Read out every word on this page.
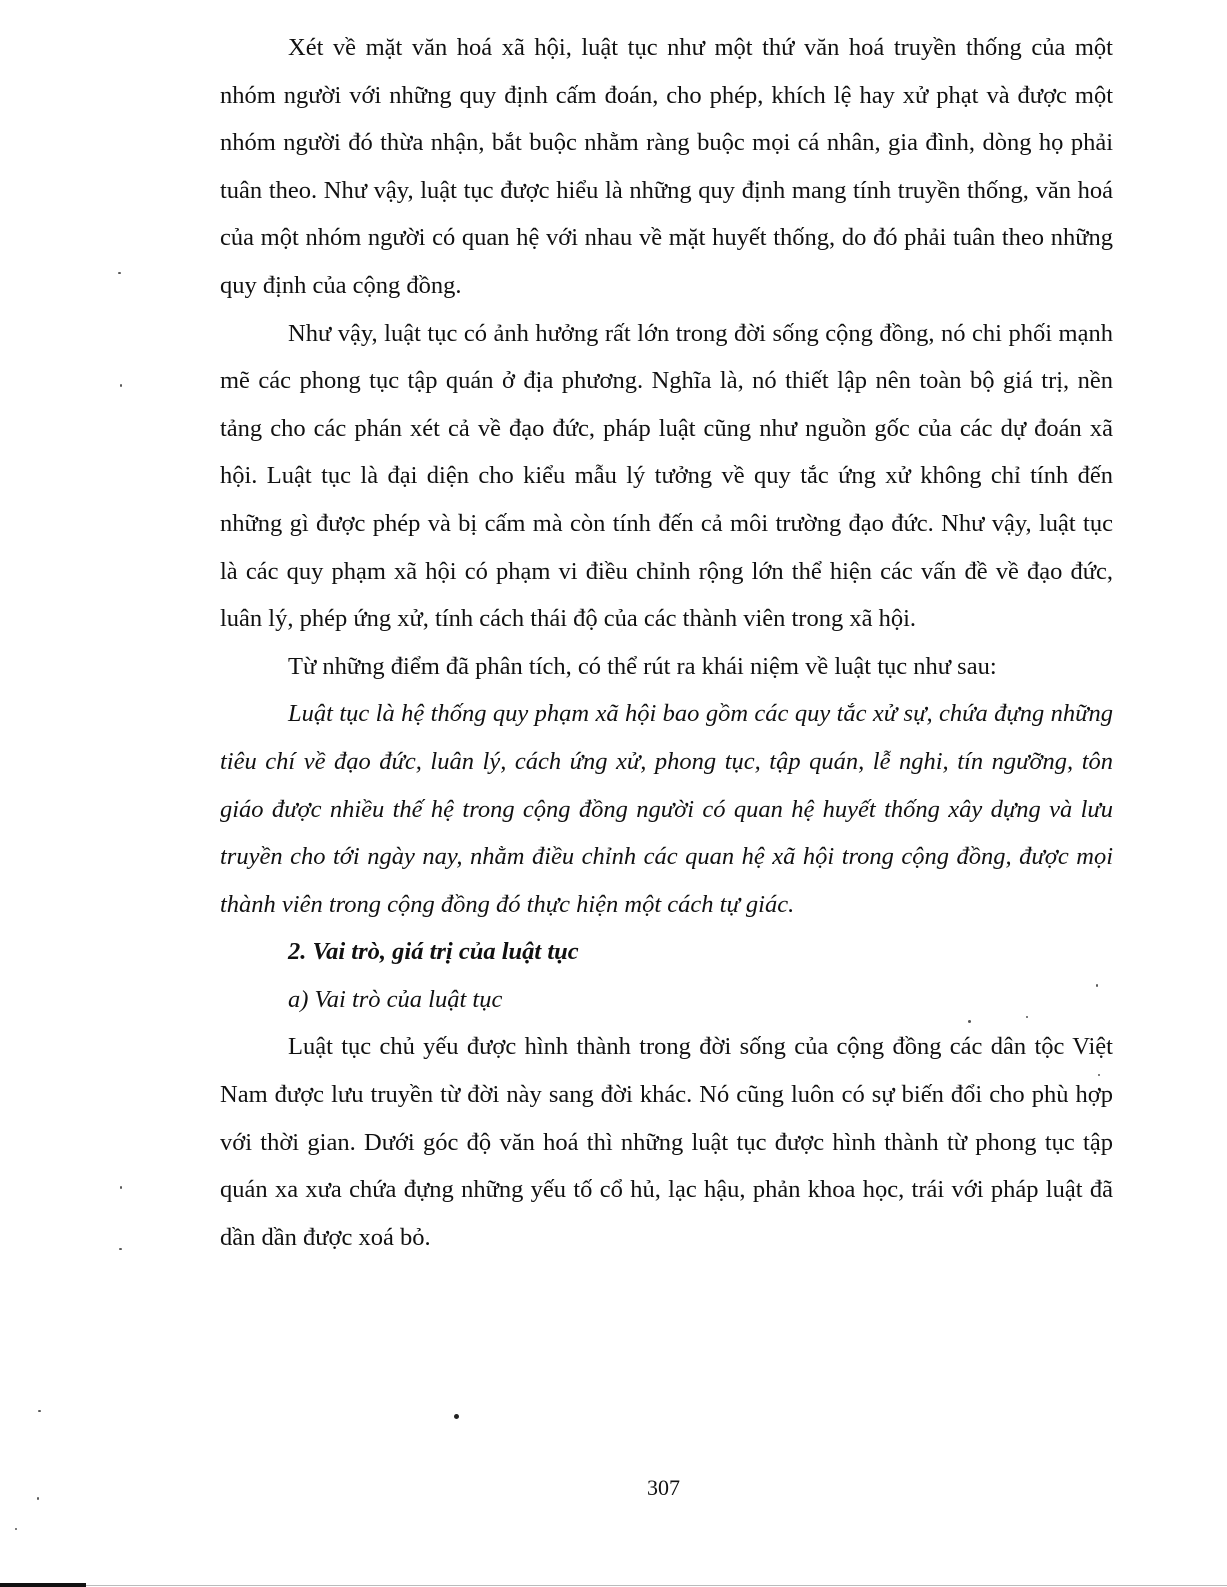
Xét về mặt văn hoá xã hội, luật tục như một thứ văn hoá truyền thống của một nhóm người với những quy định cấm đoán, cho phép, khích lệ hay xử phạt và được một nhóm người đó thừa nhận, bắt buộc nhằm ràng buộc mọi cá nhân, gia đình, dòng họ phải tuân theo. Như vậy, luật tục được hiểu là những quy định mang tính truyền thống, văn hoá của một nhóm người có quan hệ với nhau về mặt huyết thống, do đó phải tuân theo những quy định của cộng đồng.

Như vậy, luật tục có ảnh hưởng rất lớn trong đời sống cộng đồng, nó chi phối mạnh mẽ các phong tục tập quán ở địa phương. Nghĩa là, nó thiết lập nên toàn bộ giá trị, nền tảng cho các phán xét cả về đạo đức, pháp luật cũng như nguồn gốc của các dự đoán xã hội. Luật tục là đại diện cho kiểu mẫu lý tưởng về quy tắc ứng xử không chỉ tính đến những gì được phép và bị cấm mà còn tính đến cả môi trường đạo đức. Như vậy, luật tục là các quy phạm xã hội có phạm vi điều chỉnh rộng lớn thể hiện các vấn đề về đạo đức, luân lý, phép ứng xử, tính cách thái độ của các thành viên trong xã hội.

Từ những điểm đã phân tích, có thể rút ra khái niệm về luật tục như sau:

Luật tục là hệ thống quy phạm xã hội bao gồm các quy tắc xử sự, chứa đựng những tiêu chí về đạo đức, luân lý, cách ứng xử, phong tục, tập quán, lễ nghi, tín ngưỡng, tôn giáo được nhiều thế hệ trong cộng đồng người có quan hệ huyết thống xây dựng và lưu truyền cho tới ngày nay, nhằm điều chỉnh các quan hệ xã hội trong cộng đồng, được mọi thành viên trong cộng đồng đó thực hiện một cách tự giác.

2. Vai trò, giá trị của luật tục

a) Vai trò của luật tục

Luật tục chủ yếu được hình thành trong đời sống của cộng đồng các dân tộc Việt Nam được lưu truyền từ đời này sang đời khác. Nó cũng luôn có sự biến đổi cho phù hợp với thời gian. Dưới góc độ văn hoá thì những luật tục được hình thành từ phong tục tập quán xa xưa chứa đựng những yếu tố cổ hủ, lạc hậu, phản khoa học, trái với pháp luật đã dần dần được xoá bỏ.

307
